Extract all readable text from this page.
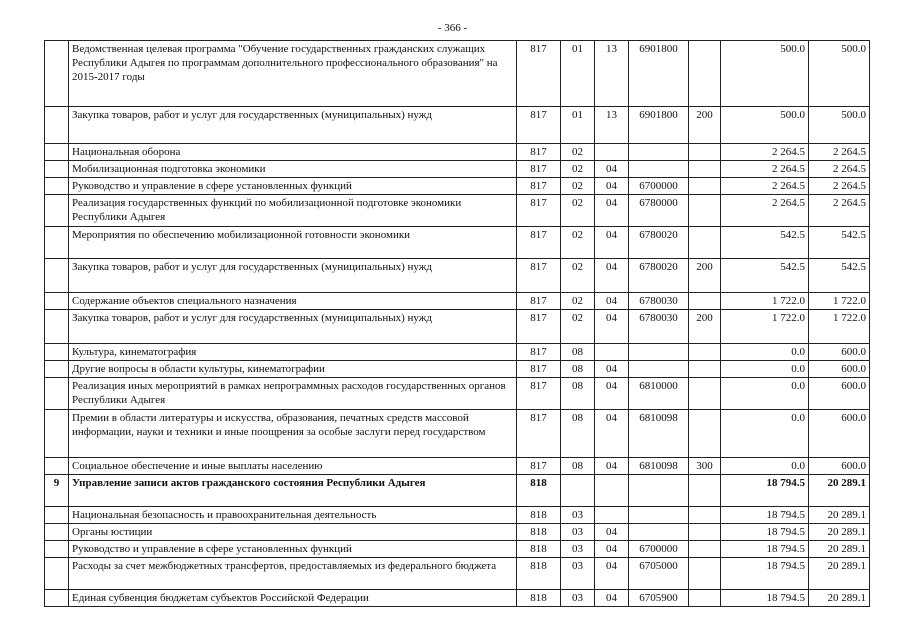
- 366 -
	Ведомственная целевая программа "Обучение государственных гражданских служащих Республики Адыгея по программам дополнительного профессионального образования" на 2015-2017 годы	817	01	13	6901800		500.0	500.0
	Закупка товаров, работ и услуг для государственных (муниципальных) нужд	817	01	13	6901800	200	500.0	500.0
	Национальная оборона	817	02				2 264.5	2 264.5
	Мобилизационная подготовка экономики	817	02	04			2 264.5	2 264.5
	Руководство и управление в сфере установленных функций	817	02	04	6700000		2 264.5	2 264.5
	Реализация государственных функций по мобилизационной подготовке экономики Республики Адыгея	817	02	04	6780000		2 264.5	2 264.5
	Мероприятия по обеспечению мобилизационной готовности экономики	817	02	04	6780020		542.5	542.5
	Закупка товаров, работ и услуг для государственных (муниципальных) нужд	817	02	04	6780020	200	542.5	542.5
	Содержание объектов специального назначения	817	02	04	6780030		1 722.0	1 722.0
	Закупка товаров, работ и услуг для государственных (муниципальных) нужд	817	02	04	6780030	200	1 722.0	1 722.0
	Культура, кинематография	817	08				0.0	600.0
	Другие вопросы в области культуры, кинематографии	817	08	04			0.0	600.0
	Реализация иных мероприятий в рамках непрограммных расходов государственных органов Республики Адыгея	817	08	04	6810000		0.0	600.0
	Премии в области литературы и искусства, образования, печатных средств массовой информации, науки и техники и иные поощрения за особые заслуги перед государством	817	08	04	6810098		0.0	600.0
	Социальное обеспечение и иные выплаты населению	817	08	04	6810098	300	0.0	600.0
9	Управление записи актов гражданского состояния Республики Адыгея	818					18 794.5	20 289.1
	Национальная безопасность и правоохранительная деятельность	818	03				18 794.5	20 289.1
	Органы юстиции	818	03	04			18 794.5	20 289.1
	Руководство и управление в сфере установленных функций	818	03	04	6700000		18 794.5	20 289.1
	Расходы за счет межбюджетных трансфертов, предоставляемых из федерального бюджета	818	03	04	6705000		18 794.5	20 289.1
	Единая субвенция бюджетам субъектов Российской Федерации	818	03	04	6705900		18 794.5	20 289.1
